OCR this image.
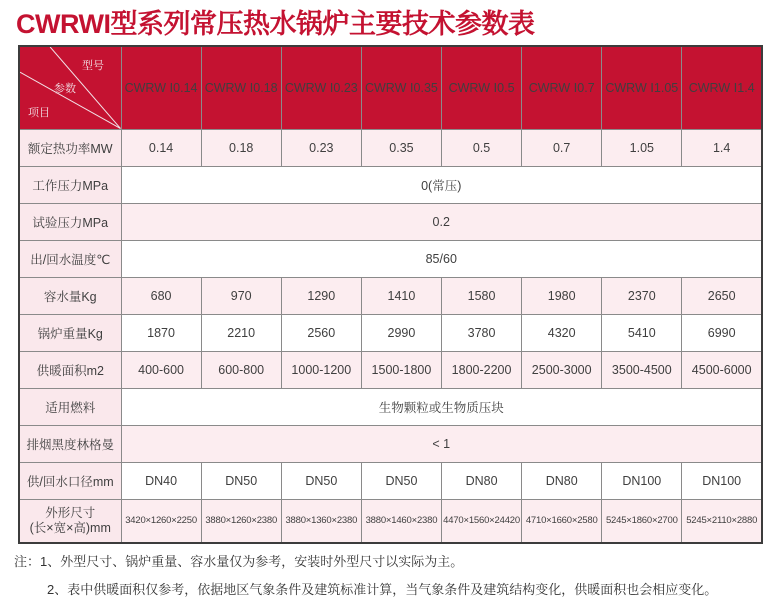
CWRWI型系列常压热水锅炉主要技术参数表
型号
参数
项目	CWRW Ⅰ0.14	CWRW Ⅰ0.18	CWRW Ⅰ0.23	CWRW Ⅰ0.35	CWRW Ⅰ0.5	CWRW Ⅰ0.7	CWRW Ⅰ1.05	CWRW Ⅰ1.4
额定热功率MW	0.14	0.18	0.23	0.35	0.5	0.7	1.05	1.4
工作压力MPa	0(常压)							
试验压力MPa	0.2							
出/回水温度℃	85/60							
容水量Kg	680	970	1290	1410	1580	1980	2370	2650
锅炉重量Kg	1870	2210	2560	2990	3780	4320	5410	6990
供暖面积m2	400-600	600-800	1000-1200	1500-1800	1800-2200	2500-3000	3500-4500	4500-6000
适用燃料	生物颗粒或生物质压块							
排烟黑度林格曼	< 1							
供/回水口径mm	DN40	DN50	DN50	DN50	DN80	DN80	DN100	DN100

外形尺寸
(长×宽×高)mm	3420×1260×2250	3880×1260×2380	3880×1360×2380	3880×1460×2380	4470×1560×24420	4710×1660×2580	5245×1860×2700	5245×2110×2880

注：1、外型尺寸、锅炉重量、容水量仅为参考，安装时外型尺寸以实际为主。

2、表中供暖面积仅参考，依据地区气象条件及建筑标准计算，当气象条件及建筑结构变化，供暖面积也会相应变化。
